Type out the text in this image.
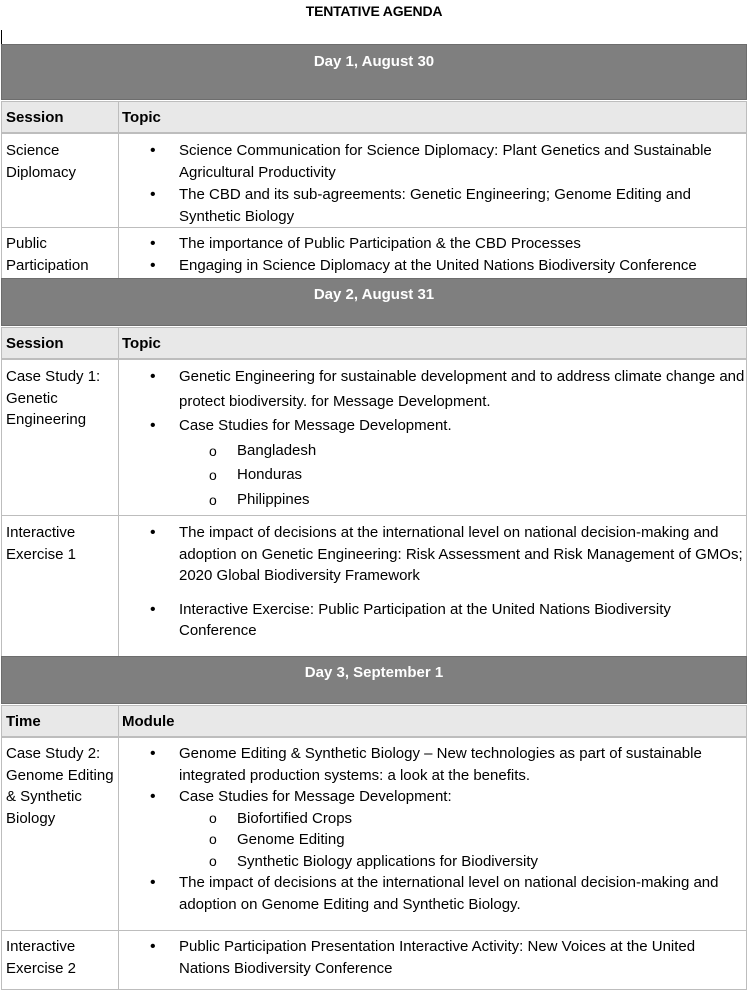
TENTATIVE AGENDA
Day 1, August 30
Session	Topic
Science Diplomacy
• Science Communication for Science Diplomacy: Plant Genetics and Sustainable Agricultural Productivity
• The CBD and its sub-agreements: Genetic Engineering; Genome Editing and Synthetic Biology
Public Participation
• The importance of Public Participation & the CBD Processes
• Engaging in Science Diplomacy at the United Nations Biodiversity Conference
Day 2, August 31
Session	Topic
Case Study 1: Genetic Engineering
• Genetic Engineering for sustainable development and to address climate change and protect biodiversity. for Message Development.
• Case Studies for Message Development.
o Bangladesh
o Honduras
o Philippines
Interactive Exercise 1
• The impact of decisions at the international level on national decision-making and adoption on Genetic Engineering: Risk Assessment and Risk Management of GMOs; 2020 Global Biodiversity Framework
• Interactive Exercise: Public Participation at the United Nations Biodiversity Conference
Day 3, September 1
Time	Module
Case Study 2: Genome Editing & Synthetic Biology
• Genome Editing & Synthetic Biology – New technologies as part of sustainable integrated production systems: a look at the benefits.
• Case Studies for Message Development:
o Biofortified Crops
o Genome Editing
o Synthetic Biology applications for Biodiversity
• The impact of decisions at the international level on national decision-making and adoption on Genome Editing and Synthetic Biology.
Interactive Exercise 2
• Public Participation Presentation Interactive Activity: New Voices at the United Nations Biodiversity Conference
